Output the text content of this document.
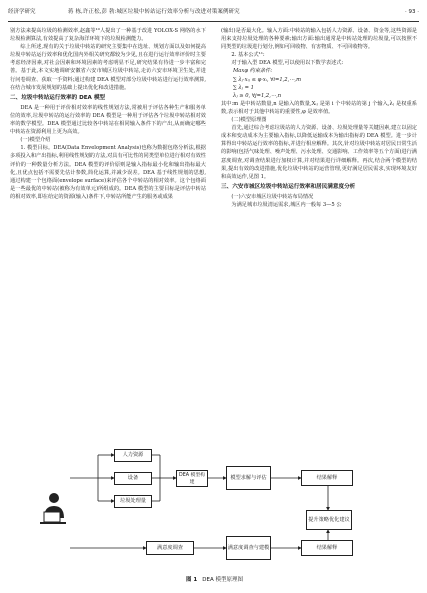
经济学研究	蒋 栋,许正松,彭 勃:城区垃圾中转站运行效率分析与改进对策案例研究	· 93 ·

别方法来提高垃圾的检测效率,赵鑫等¹⁰人提出了一种基于改进 YOLOX-S 网络的水下垃圾检测算法,有效提高了复杂海洋环境下的垃圾检测能力。

综上所述,现有的关于垃圾中转站的研究主要集中在选址、规划方面以及如何提高垃圾中转站运行效率和优化国内外相关研究都较为少见,且在进行运行效率评价时主要考虑经济因素,对社会因素和环境因素的考虑明显不足,研究结果有待进一步丰富和完善。基于此,本文实地调研安徽省六安市城区垃圾中转站,走访六安市环境卫生处,并进行问卷调查、获取一手资料;通过构建 DEA 模型对部分垃圾中转站进行运行效率测算,在结合城市发展规划的基础上提出优化和改进措施。

二、垃圾中转站运行效率的 DEA 模型

DEA 是一种用于评价相对效率的线性规划方法,常被用于评估各种生产和服务单位的效率,垃圾中转站的运行效率的 DEA 模型是一种用于评估各个垃圾中转站相对效率的数学模型。DEA 模型通过比较各中转站在相同输入条件下的产出,从而确定哪些中转站在资源利用上更为高效。

(一)模型介绍

1. 模型目标。DEA(Data Envelopment Analysis)也称为数据包络分析法,根据多项投入和产出指标,利用线性规划的方法,对具有可比性的同类型单位进行相对有效性评价的一种数量分析方法。DEA 模型的评价原则是输入指标最小化和输出指标最大化,且优点包括不需要先估计参数,简化运算,并减少误差。DEA 基于线性规划的思想,通过构建一个包络面(envelope surface)来评估各个中转站的相对效率。这个包络面是一些最优的中转站(被称为有效单元)所组成的。DEA 模型的主要目标是评估中转站的相对效率,即在给定的资源(输入)条件下,中转站所能产生的服务或成果

(输出)是否最大化。输入方面:中转站的输入包括人力资源、设备、资金等,这些资源是用来支持垃圾处理的各种要素;输出方面:输出通常是中转站处理的垃圾量,可以按照不同类型的垃圾进行划分,例如可回收物、有害物质、不可回收物等。

2. 基本公式¹¹:

对于输入型 DEA 模型,可以使用以下数学表述式:

Maxφ 约束条件:
∑ λⱼ·xᵢⱼ ≤ φ·xᵢ, ∀i=1,2,⋯,m
∑ λⱼ = 1
λⱼ ≥ 0, ∀j=1,2,⋯,n

其中:m 是中转站数量,n 是输入的数量,Xᵢⱼ 是第 i 个中转站的第 j 个输入,λⱼ 是权重系数,表示相对于其他中转站的重要性,φ 是效率值。

(二)模型原理图

首先,通过综合考虑垃圾站的人力资源、设备、垃圾处理量等关键因素,建立以固定成本和变动成本为主要输入指标,以降低运输成本为输出指标的 DEA 模型。进一步计算得出中转站运行效率的指标,并进行相应解释。其次,针对垃圾中转站对居民日常生活的影响(包括气味处理、噪声处理、污水处理、交通影响、工作效率等五个方面)进行满意度调查,对调查结果进行加权计算,并对结果进行详细解释。再次,结合两个模型的结果,提出有效的改进措施,优化垃圾中转站的运营管理,更好满足居民需求,实现环境友好和高效运作,见图 1。

三、六安市城区垃圾中转站运行效率和居民满意度分析

(一)六安市城区垃圾中转站布局情况

为满足城市垃圾清运需求,城区内一般每 3—5 公

人力资源
设备
垃圾处理量
DEA 模型构建
模型求解与评估	结果解释
提升策略优化建议
满意度调查	满意度调查与建模	结果解释
图 1 DEA 模型原理图
